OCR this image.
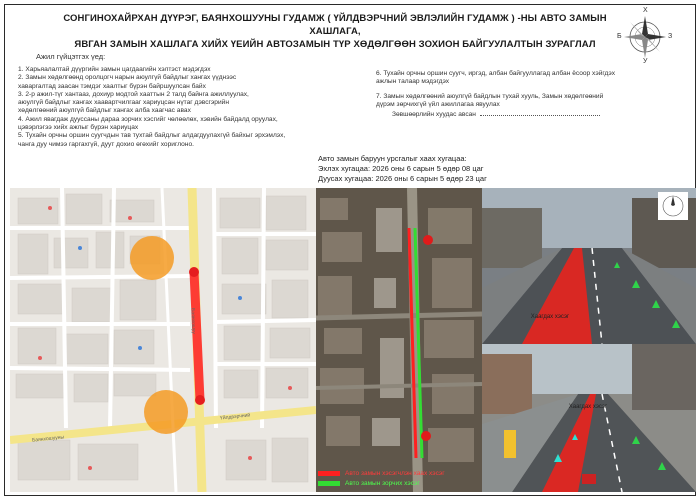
СОНГИНОХАЙРХАН ДҮҮРЭГ, БАЯНХОШУУНЫ ГУДАМЖ ( ҮЙЛДВЭРЧНИЙ ЭВЛЭЛИЙН ГУДАМЖ ) -НЫ АВТО ЗАМЫН ХАШЛАГА,
ЯВГАН ЗАМЫН ХАШЛАГА ХИЙХ ҮЕИЙН АВТОЗАМЫН ТҮР ХӨДӨЛГӨӨН ЗОХИОН БАЙГУУЛАЛТЫН ЗУРАГЛАЛ
Х
У
З
Б
Ажил гүйцэтгэх үед:
1. Харьяалалтай дүүргийн замын цагдаагийн хэлтэст мэдэгдэх
2. Замын хөдөлгөөнд оролцогч нарын аюулгүй байдлыг хангах үүднээс
хаваргалтад заасан тэмдэг хаалтыг бүрэн байршуулсан байх
3. 2-р ажил-түг хантааз, дохиур модтой хааттын 2 талд байнга ажиллуулах,
аюулгүй байдлыг хангах хаавартчилгааг хариуцсан нүтаг дэвсгэрийн
хөдөлгөөний аюулгүй байдлыг хангах алба хаагчас авах
4. Ажил явагдаж дууссаны дараа зорчих хэсгийг чөлөөлөх, хэвийн байдалд оруулах,
цэвэрлэгээ хийх ажлыг бүрэн хариуцах
5. Тухайн орчны оршин суугчдын тав тухтай байдлыг алдагдуулахгүй байхыг эрхэмлэх,
чанга дуу чимээ гаргахгүй, дуут дохио өгөхийг хориглоно.
6. Тухайн орчны оршин суугч, иргэд, албан байгууллагад албан ёсоор хэйгдэх
ажлын талаар мэдэгдэх
7. Замын хөдөлгөөний аюулгүй байдлын тухай хууль, Замын хөдөлгөөний
дүрэм зөрчихгүй үйл ажиллагаа явуулах
Зөвшөөрлийн хуудас авсан
Авто замын баруун урсгалыг хаах хугацаа:
Эхлэх хугацаа: 2026 оны 6 сарын 5 өдөр 08 цаг
Дуусах хугацаа: 2026 оны 6 сарын 5 өдөр 23 цаг
Баянхошууны
Үйлдвэрчний
Баянхошуу
Авто замын хэсэгчлэн хаах хэсэг
Авто замын зорчих хэсэг
Хаагдах хэсэг
Хаагдах хэсэг
